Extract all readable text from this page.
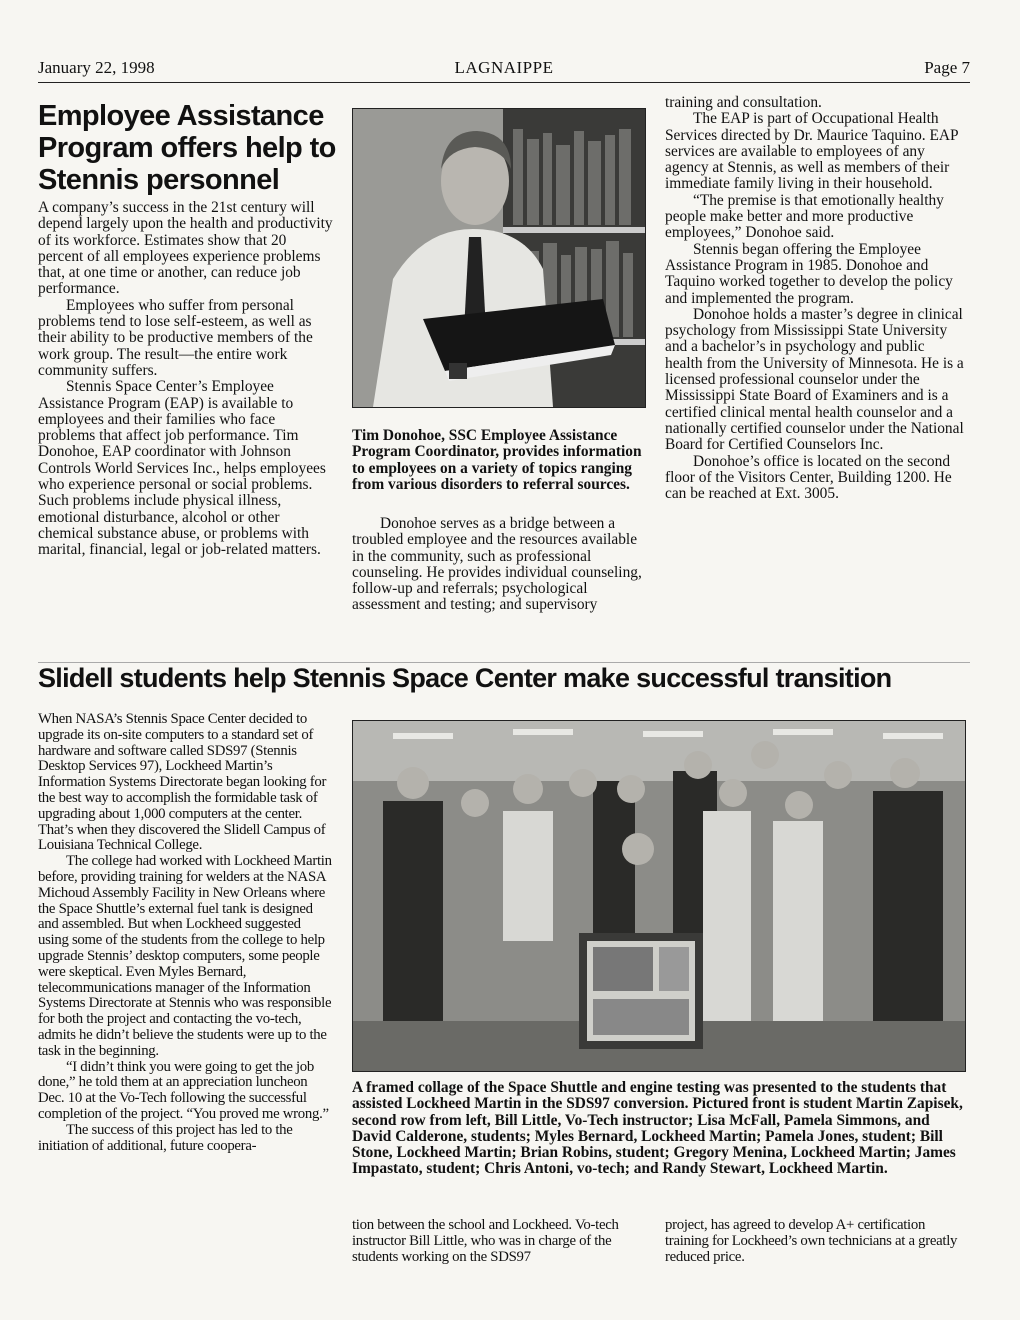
LAGNAIPPE
January 22, 1998	Page 7
Employee Assistance Program offers help to Stennis personnel

A company’s success in the 21st century will depend largely upon the health and productivity of its workforce. Estimates show that 20 percent of all employees experience problems that, at one time or another, can reduce job performance.

Employees who suffer from personal problems tend to lose self-esteem, as well as their ability to be productive members of the work group. The result—the entire work community suffers.

Stennis Space Center’s Employee Assistance Program (EAP) is available to employees and their families who face problems that affect job performance. Tim Donohoe, EAP coordinator with Johnson Controls World Services Inc., helps employees who experience personal or social problems. Such problems include physical illness, emotional disturbance, alcohol or other chemical substance abuse, or problems with marital, financial, legal or job-related matters.

Tim Donohoe, SSC Employee Assistance Program Coordinator, provides information to employees on a variety of topics ranging from various disorders to referral sources.

Donohoe serves as a bridge between a troubled employee and the resources available in the community, such as professional counseling. He provides individual counseling, follow-up and referrals; psychological assessment and testing; and supervisory

training and consultation.

The EAP is part of Occupational Health Services directed by Dr. Maurice Taquino. EAP services are available to employees of any agency at Stennis, as well as members of their immediate family living in their household.

“The premise is that emotionally healthy people make better and more productive employees,” Donohoe said.

Stennis began offering the Employee Assistance Program in 1985. Donohoe and Taquino worked together to develop the policy and implemented the program.

Donohoe holds a master’s degree in clinical psychology from Mississippi State University and a bachelor’s in psychology and public health from the University of Minnesota. He is a licensed professional counselor under the Mississippi State Board of Examiners and is a certified clinical mental health counselor and a nationally certified counselor under the National Board for Certified Counselors Inc.

Donohoe’s office is located on the second floor of the Visitors Center, Building 1200. He can be reached at Ext. 3005.

Slidell students help Stennis Space Center make successful transition

When NASA’s Stennis Space Center decided to upgrade its on-site computers to a standard set of hardware and software called SDS97 (Stennis Desktop Services 97), Lockheed Martin’s Information Systems Directorate began looking for the best way to accomplish the formidable task of upgrading about 1,000 computers at the center. That’s when they discovered the Slidell Campus of Louisiana Technical College.

The college had worked with Lockheed Martin before, providing training for welders at the NASA Michoud Assembly Facility in New Orleans where the Space Shuttle’s external fuel tank is designed and assembled. But when Lockheed suggested using some of the students from the college to help upgrade Stennis’ desktop computers, some people were skeptical. Even Myles Bernard, telecommunications manager of the Information Systems Directorate at Stennis who was responsible for both the project and contacting the vo-tech, admits he didn’t believe the students were up to the task in the beginning.

“I didn’t think you were going to get the job done,” he told them at an appreciation luncheon Dec. 10 at the Vo-Tech following the successful completion of the project. “You proved me wrong.”

The success of this project has led to the initiation of additional, future coopera-

A framed collage of the Space Shuttle and engine testing was presented to the students that assisted Lockheed Martin in the SDS97 conversion. Pictured front is student Martin Zapisek, second row from left, Bill Little, Vo-Tech instructor; Lisa McFall, Pamela Simmons, and David Calderone, students; Myles Bernard, Lockheed Martin; Pamela Jones, student; Bill Stone, Lockheed Martin; Brian Robins, student; Gregory Menina, Lockheed Martin; James Impastato, student; Chris Antoni, vo-tech; and Randy Stewart, Lockheed Martin.

tion between the school and Lockheed. Vo-tech instructor Bill Little, who was in charge of the students working on the SDS97

project, has agreed to develop A+ certification training for Lockheed’s own technicians at a greatly reduced price.
